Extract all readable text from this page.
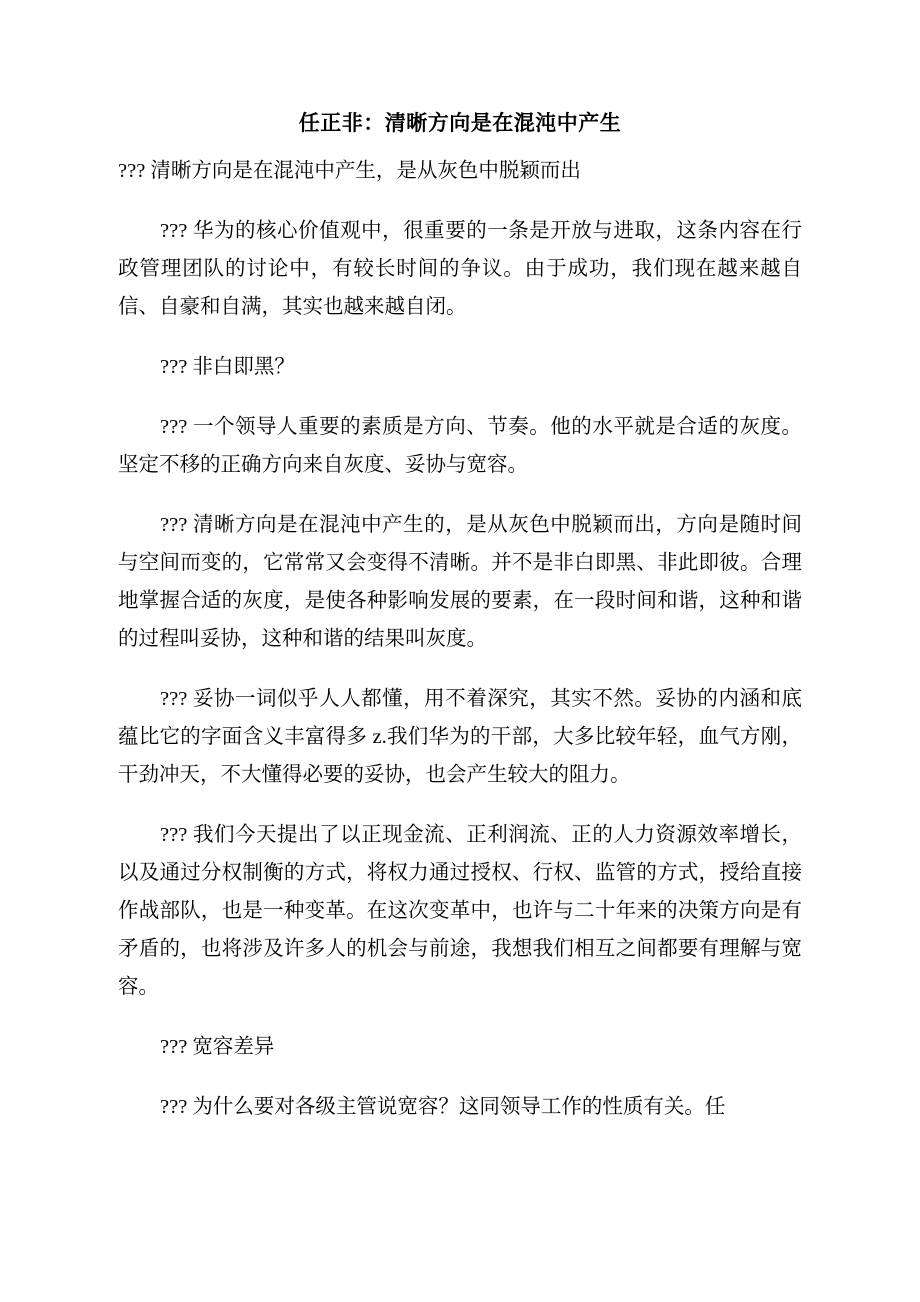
任正非：清晰方向是在混沌中产生

??? 清晰方向是在混沌中产生，是从灰色中脱颖而出

??? 华为的核心价值观中，很重要的一条是开放与进取，这条内容在行政管理团队的讨论中，有较长时间的争议。由于成功，我们现在越来越自信、自豪和自满，其实也越来越自闭。

??? 非白即黑？

??? 一个领导人重要的素质是方向、节奏。他的水平就是合适的灰度。坚定不移的正确方向来自灰度、妥协与宽容。

??? 清晰方向是在混沌中产生的，是从灰色中脱颖而出，方向是随时间与空间而变的，它常常又会变得不清晰。并不是非白即黑、非此即彼。合理地掌握合适的灰度，是使各种影响发展的要素，在一段时间和谐，这种和谐的过程叫妥协，这种和谐的结果叫灰度。

??? 妥协一词似乎人人都懂，用不着深究，其实不然。妥协的内涵和底蕴比它的字面含义丰富得多 z.我们华为的干部，大多比较年轻，血气方刚，干劲冲天，不大懂得必要的妥协，也会产生较大的阻力。

??? 我们今天提出了以正现金流、正利润流、正的人力资源效率增长，以及通过分权制衡的方式，将权力通过授权、行权、监管的方式，授给直接作战部队，也是一种变革。在这次变革中，也许与二十年来的决策方向是有矛盾的，也将涉及许多人的机会与前途，我想我们相互之间都要有理解与宽容。

??? 宽容差异

??? 为什么要对各级主管说宽容？这同领导工作的性质有关。任
